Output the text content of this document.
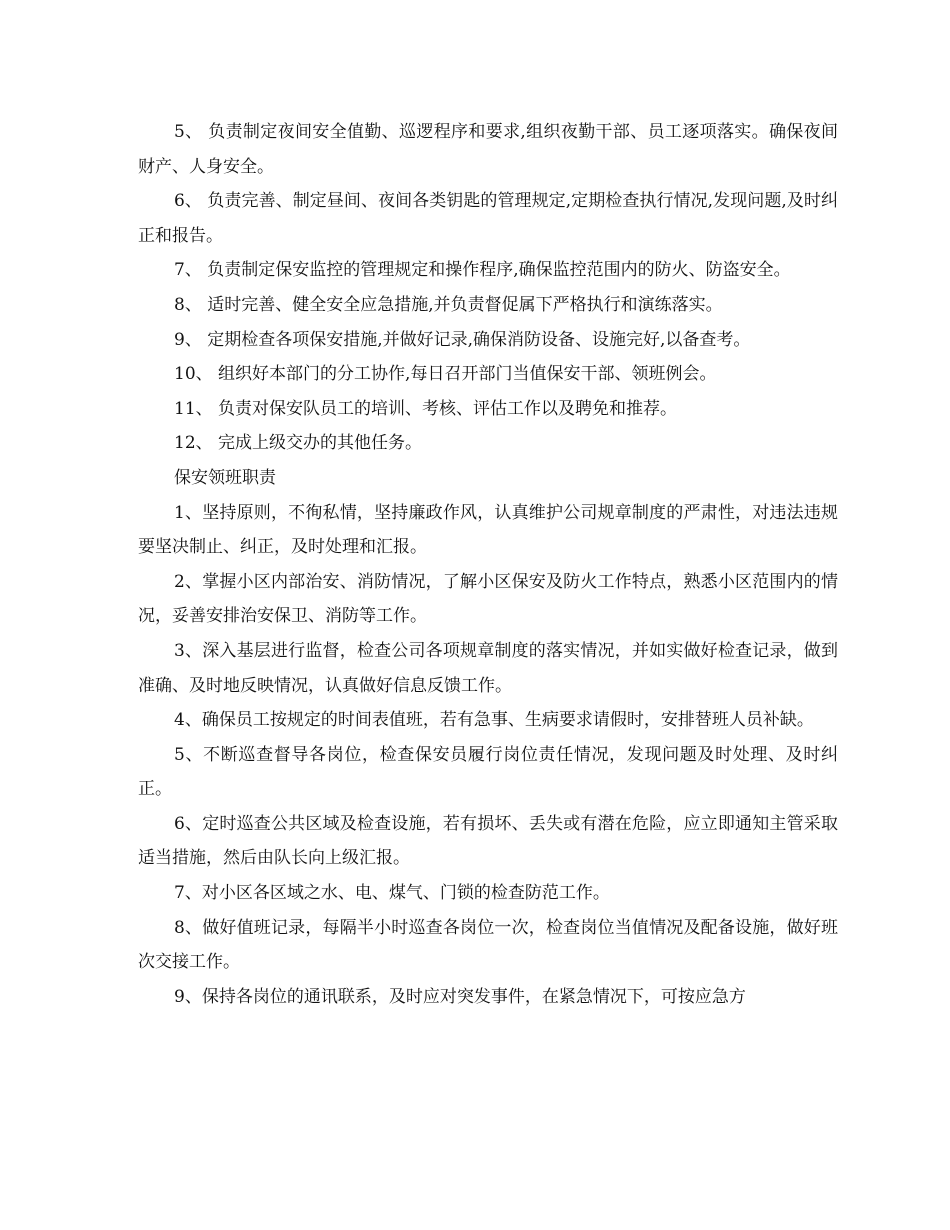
5、 负责制定夜间安全值勤、巡逻程序和要求,组织夜勤干部、员工逐项落实。确保夜间财产、人身安全。

6、 负责完善、制定昼间、夜间各类钥匙的管理规定,定期检查执行情况,发现问题,及时纠正和报告。

7、 负责制定保安监控的管理规定和操作程序,确保监控范围内的防火、防盗安全。

8、 适时完善、健全安全应急措施,并负责督促属下严格执行和演练落实。

9、 定期检查各项保安措施,并做好记录,确保消防设备、设施完好,以备查考。

10、 组织好本部门的分工协作,每日召开部门当值保安干部、领班例会。

11、 负责对保安队员工的培训、考核、评估工作以及聘免和推荐。

12、 完成上级交办的其他任务。

保安领班职责

1、坚持原则，不徇私情，坚持廉政作风，认真维护公司规章制度的严肃性，对违法违规要坚决制止、纠正，及时处理和汇报。

2、掌握小区内部治安、消防情况，了解小区保安及防火工作特点，熟悉小区范围内的情况，妥善安排治安保卫、消防等工作。

3、深入基层进行监督，检查公司各项规章制度的落实情况，并如实做好检查记录，做到准确、及时地反映情况，认真做好信息反馈工作。

4、确保员工按规定的时间表值班，若有急事、生病要求请假时，安排替班人员补缺。

5、不断巡查督导各岗位，检查保安员履行岗位责任情况，发现问题及时处理、及时纠正。

6、定时巡查公共区域及检查设施，若有损坏、丢失或有潜在危险，应立即通知主管采取适当措施，然后由队长向上级汇报。

7、对小区各区域之水、电、煤气、门锁的检查防范工作。

8、做好值班记录，每隔半小时巡查各岗位一次，检查岗位当值情况及配备设施，做好班次交接工作。

9、保持各岗位的通讯联系，及时应对突发事件，在紧急情况下，可按应急方
